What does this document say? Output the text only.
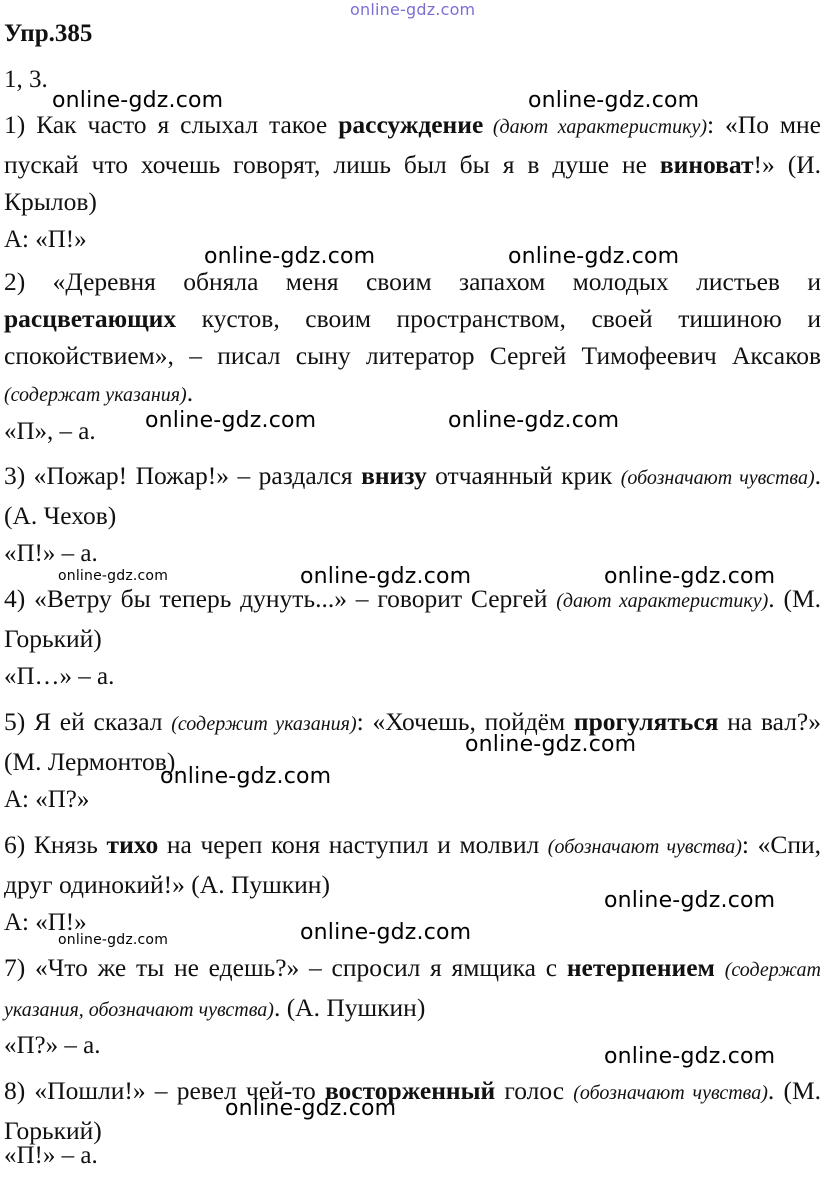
online-gdz.com
online-gdz.com	online-gdz.com
online-gdz.com	online-gdz.com
online-gdz.com	online-gdz.com
online-gdz.com	online-gdz.com	online-gdz.com
online-gdz.com
online-gdz.com
online-gdz.com
online-gdz.com	online-gdz.com
online-gdz.com
online-gdz.com
Упр.385
1, 3.

1) Как часто я слыхал такое рассуждение (дают характеристику): «По мне пускай что хочешь говорят, лишь был бы я в душе не виноват!» (И. Крылов)

А: «П!»

2) «Деревня обняла меня своим запахом молодых листьев и расцветающих кустов, своим пространством, своей тишиною и спокойствием», – писал сыну литератор Сергей Тимофеевич Аксаков (содержат указания).

«П», – а.

3) «Пожар! Пожар!» – раздался внизу отчаянный крик (обозначают чувства). (А. Чехов)

«П!» – а.

4) «Ветру бы теперь дунуть...» – говорит Сергей (дают характеристику). (М. Горький)

«П…» – а.

5) Я ей сказал (содержит указания): «Хочешь, пойдём прогуляться на вал?» (М. Лермонтов)

А: «П?»

6) Князь тихо на череп коня наступил и молвил (обозначают чувства): «Спи, друг одинокий!» (А. Пушкин)

А: «П!»

7) «Что же ты не едешь?» – спросил я ямщика с нетерпением (содержат указания, обозначают чувства). (А. Пушкин)

«П?» – а.

8) «Пошли!» – ревел чей-то восторженный голос (обозначают чувства). (М. Горький)

«П!» – а.
